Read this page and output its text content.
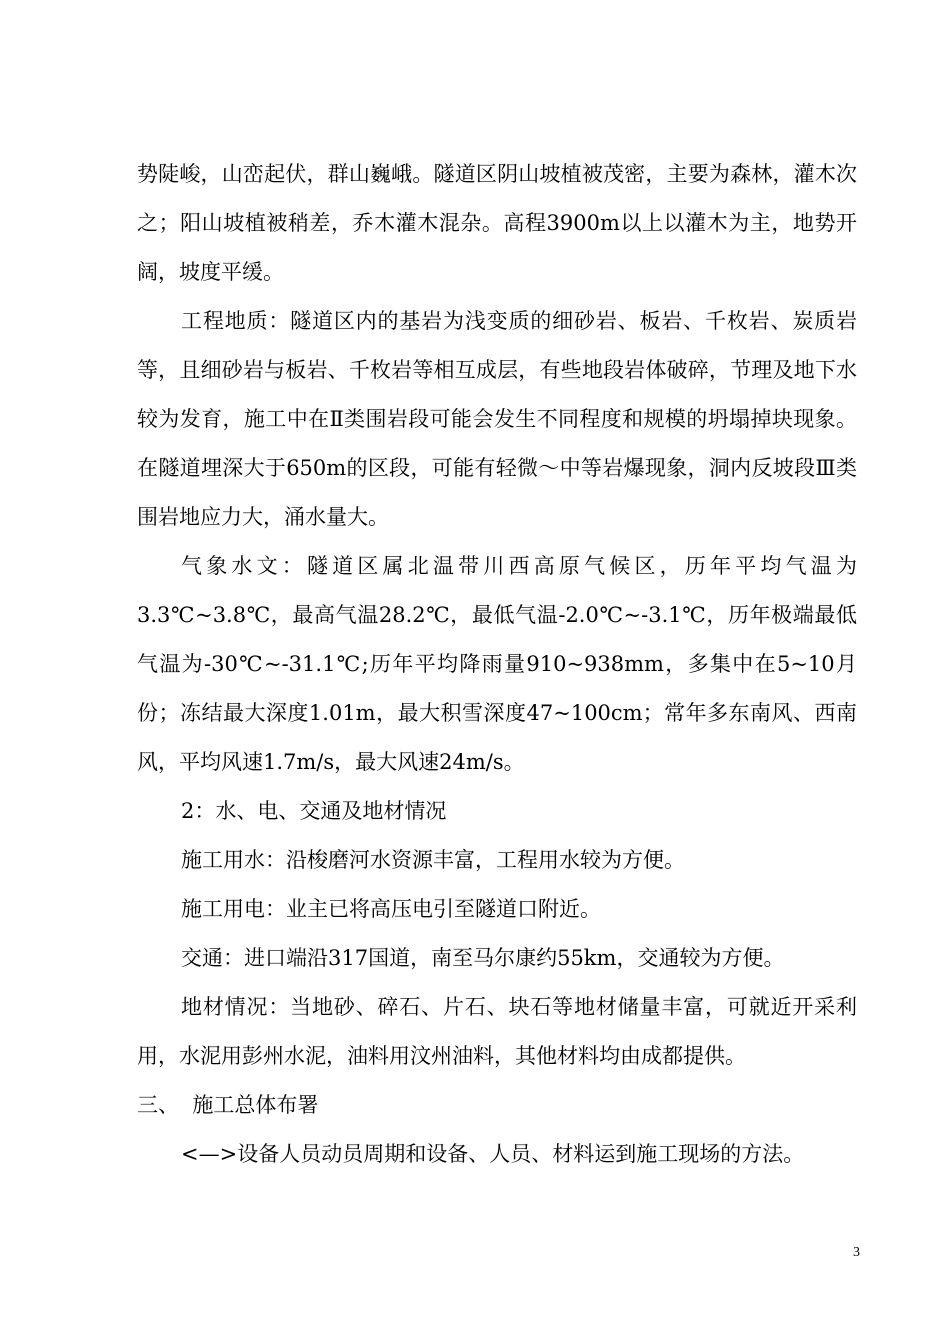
势陡峻，山峦起伏，群山巍峨。隧道区阴山坡植被茂密，主要为森林，灌木次之；阳山坡植被稍差，乔木灌木混杂。高程3900m以上以灌木为主，地势开阔，坡度平缓。

工程地质：隧道区内的基岩为浅变质的细砂岩、板岩、千枚岩、炭质岩等，且细砂岩与板岩、千枚岩等相互成层，有些地段岩体破碎，节理及地下水较为发育，施工中在Ⅱ类围岩段可能会发生不同程度和规模的坍塌掉块现象。在隧道埋深大于650m的区段，可能有轻微～中等岩爆现象，洞内反坡段Ⅲ类围岩地应力大，涌水量大。

气象水文：隧道区属北温带川西高原气候区，历年平均气温为3.3℃~3.8℃，最高气温28.2℃，最低气温-2.0℃~-3.1℃，历年极端最低气温为-30℃~-31.1℃;历年平均降雨量910~938mm，多集中在5~10月份；冻结最大深度1.01m，最大积雪深度47~100cm；常年多东南风、西南风，平均风速1.7m/s，最大风速24m/s。

2：水、电、交通及地材情况

施工用水：沿梭磨河水资源丰富，工程用水较为方便。

施工用电：业主已将高压电引至隧道口附近。

交通：进口端沿317国道，南至马尔康约55km，交通较为方便。

地材情况：当地砂、碎石、片石、块石等地材储量丰富，可就近开采利用，水泥用彭州水泥，油料用汶州油料，其他材料均由成都提供。

三、  施工总体布署

<—>设备人员动员周期和设备、人员、材料运到施工现场的方法。

3
